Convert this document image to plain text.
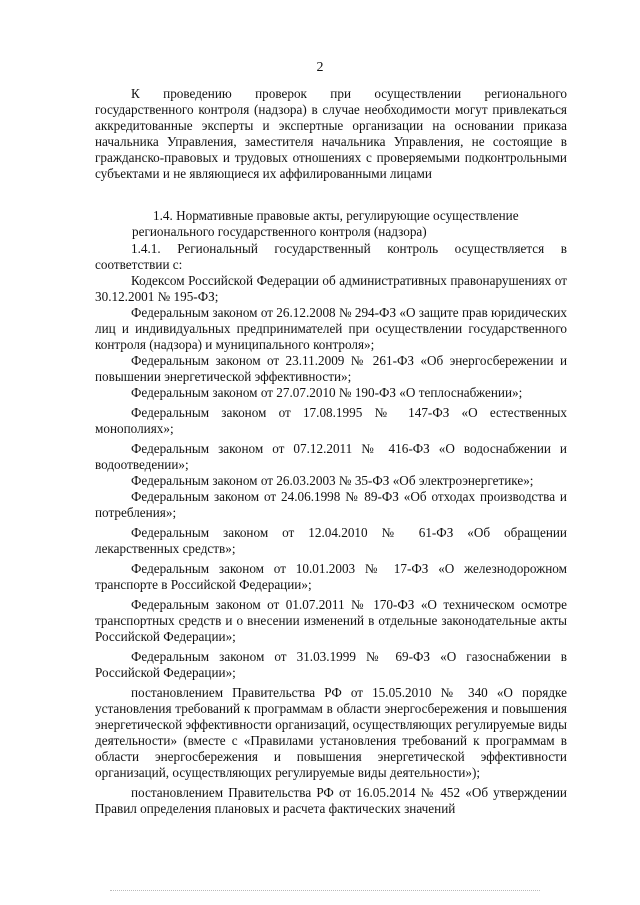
2

К проведению проверок при осуществлении регионального государственного контроля (надзора) в случае необходимости могут привлекаться аккредитованные эксперты и экспертные организации на основании приказа начальника Управления, заместителя начальника Управления, не состоящие в гражданско-правовых и трудовых отношениях с проверяемыми подконтрольными субъектами и не являющиеся их аффилированными лицами

1.4. Нормативные правовые акты, регулирующие осуществление
регионального государственного контроля (надзора)

1.4.1. Региональный государственный контроль осуществляется в соответствии с:

Кодексом Российской Федерации об административных правонарушениях от 30.12.2001 № 195-ФЗ;

Федеральным законом от 26.12.2008 № 294-ФЗ «О защите прав юридических лиц и индивидуальных предпринимателей при осуществлении государственного контроля (надзора) и муниципального контроля»;

Федеральным законом от 23.11.2009 № 261-ФЗ «Об энергосбережении и повышении энергетической эффективности»;

Федеральным законом от 27.07.2010 № 190-ФЗ «О теплоснабжении»;

Федеральным законом от 17.08.1995 № 147-ФЗ «О естественных монополиях»;

Федеральным законом от 07.12.2011 № 416-ФЗ «О водоснабжении и водоотведении»;

Федеральным законом от 26.03.2003 № 35-ФЗ «Об электроэнергетике»;

Федеральным законом от 24.06.1998 № 89-ФЗ «Об отходах производства и потребления»;

Федеральным законом от 12.04.2010 № 61-ФЗ «Об обращении лекарственных средств»;

Федеральным законом от 10.01.2003 № 17-ФЗ «О железнодорожном транспорте в Российской Федерации»;

Федеральным законом от 01.07.2011 № 170-ФЗ «О техническом осмотре транспортных средств и о внесении изменений в отдельные законодательные акты Российской Федерации»;

Федеральным законом от 31.03.1999 № 69-ФЗ «О газоснабжении в Российской Федерации»;

постановлением Правительства РФ от 15.05.2010 № 340 «О порядке установления требований к программам в области энергосбережения и повышения энергетической эффективности организаций, осуществляющих регулируемые виды деятельности» (вместе с «Правилами установления требований к программам в области энергосбережения и повышения энергетической эффективности организаций, осуществляющих регулируемые виды деятельности»);

постановлением Правительства РФ от 16.05.2014 № 452 «Об утверждении Правил определения плановых и расчета фактических значений
